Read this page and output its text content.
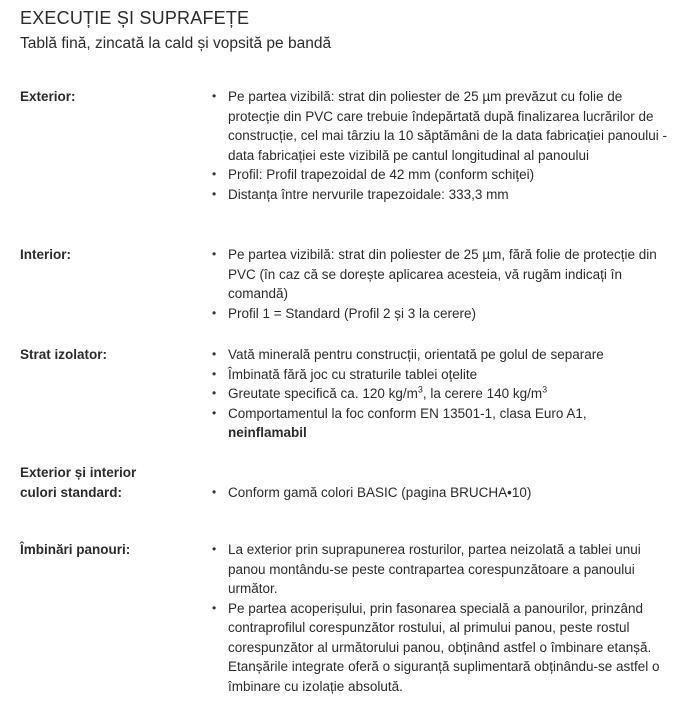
EXECUȚIE ȘI SUPRAFEȚE
Tablă fină, zincată la cald și vopsită pe bandă
Exterior:	• Pe partea vizibilă: strat din poliester de 25 µm prevăzut cu folie de protecție din PVC care trebuie îndepărtată după finalizarea lucrărilor de construcție, cel mai târziu la 10 săptămâni de la data fabricației panoului - data fabricației este vizibilă pe cantul longitudinal al panoului
• Profil: Profil trapezoidal de 42 mm (conform schiței)
• Distanța între nervurile trapezoidale: 333,3 mm
Interior:	• Pe partea vizibilă: strat din poliester de 25 µm, fără folie de protecție din PVC (în caz că se dorește aplicarea acesteia, vă rugăm indicați în comandă)
• Profil 1 = Standard (Profil 2 și 3 la cerere)
Strat izolator:	• Vată minerală pentru construcții, orientată pe golul de separare
• Îmbinată fără joc cu straturile tablei oțelite
• Greutate specifică ca. 120 $kg/m^3$, la cerere 140 $kg/m^3$
• Comportamentul la foc conform EN 13501-1, clasa Euro A1,
neinflamabil
Exterior și interior
culori standard:	• Conform gamă colori BASIC (pagina BRUCHA•10)
Îmbinări panouri:	• La exterior prin suprapunerea rosturilor, partea neizolată a tablei unui panou montându-se peste contrapartea corespunzătoare a panoului următor.
• Pe partea acoperișului, prin fasonarea specială a panourilor, prinzând contraprofilul corespunzător rostului, al primului panou, peste rostul corespunzător al următorului panou, obținând astfel o îmbinare etanșă. Etanșările integrate oferă o siguranță suplimentară obținându-se astfel o îmbinare cu izolație absolută.
